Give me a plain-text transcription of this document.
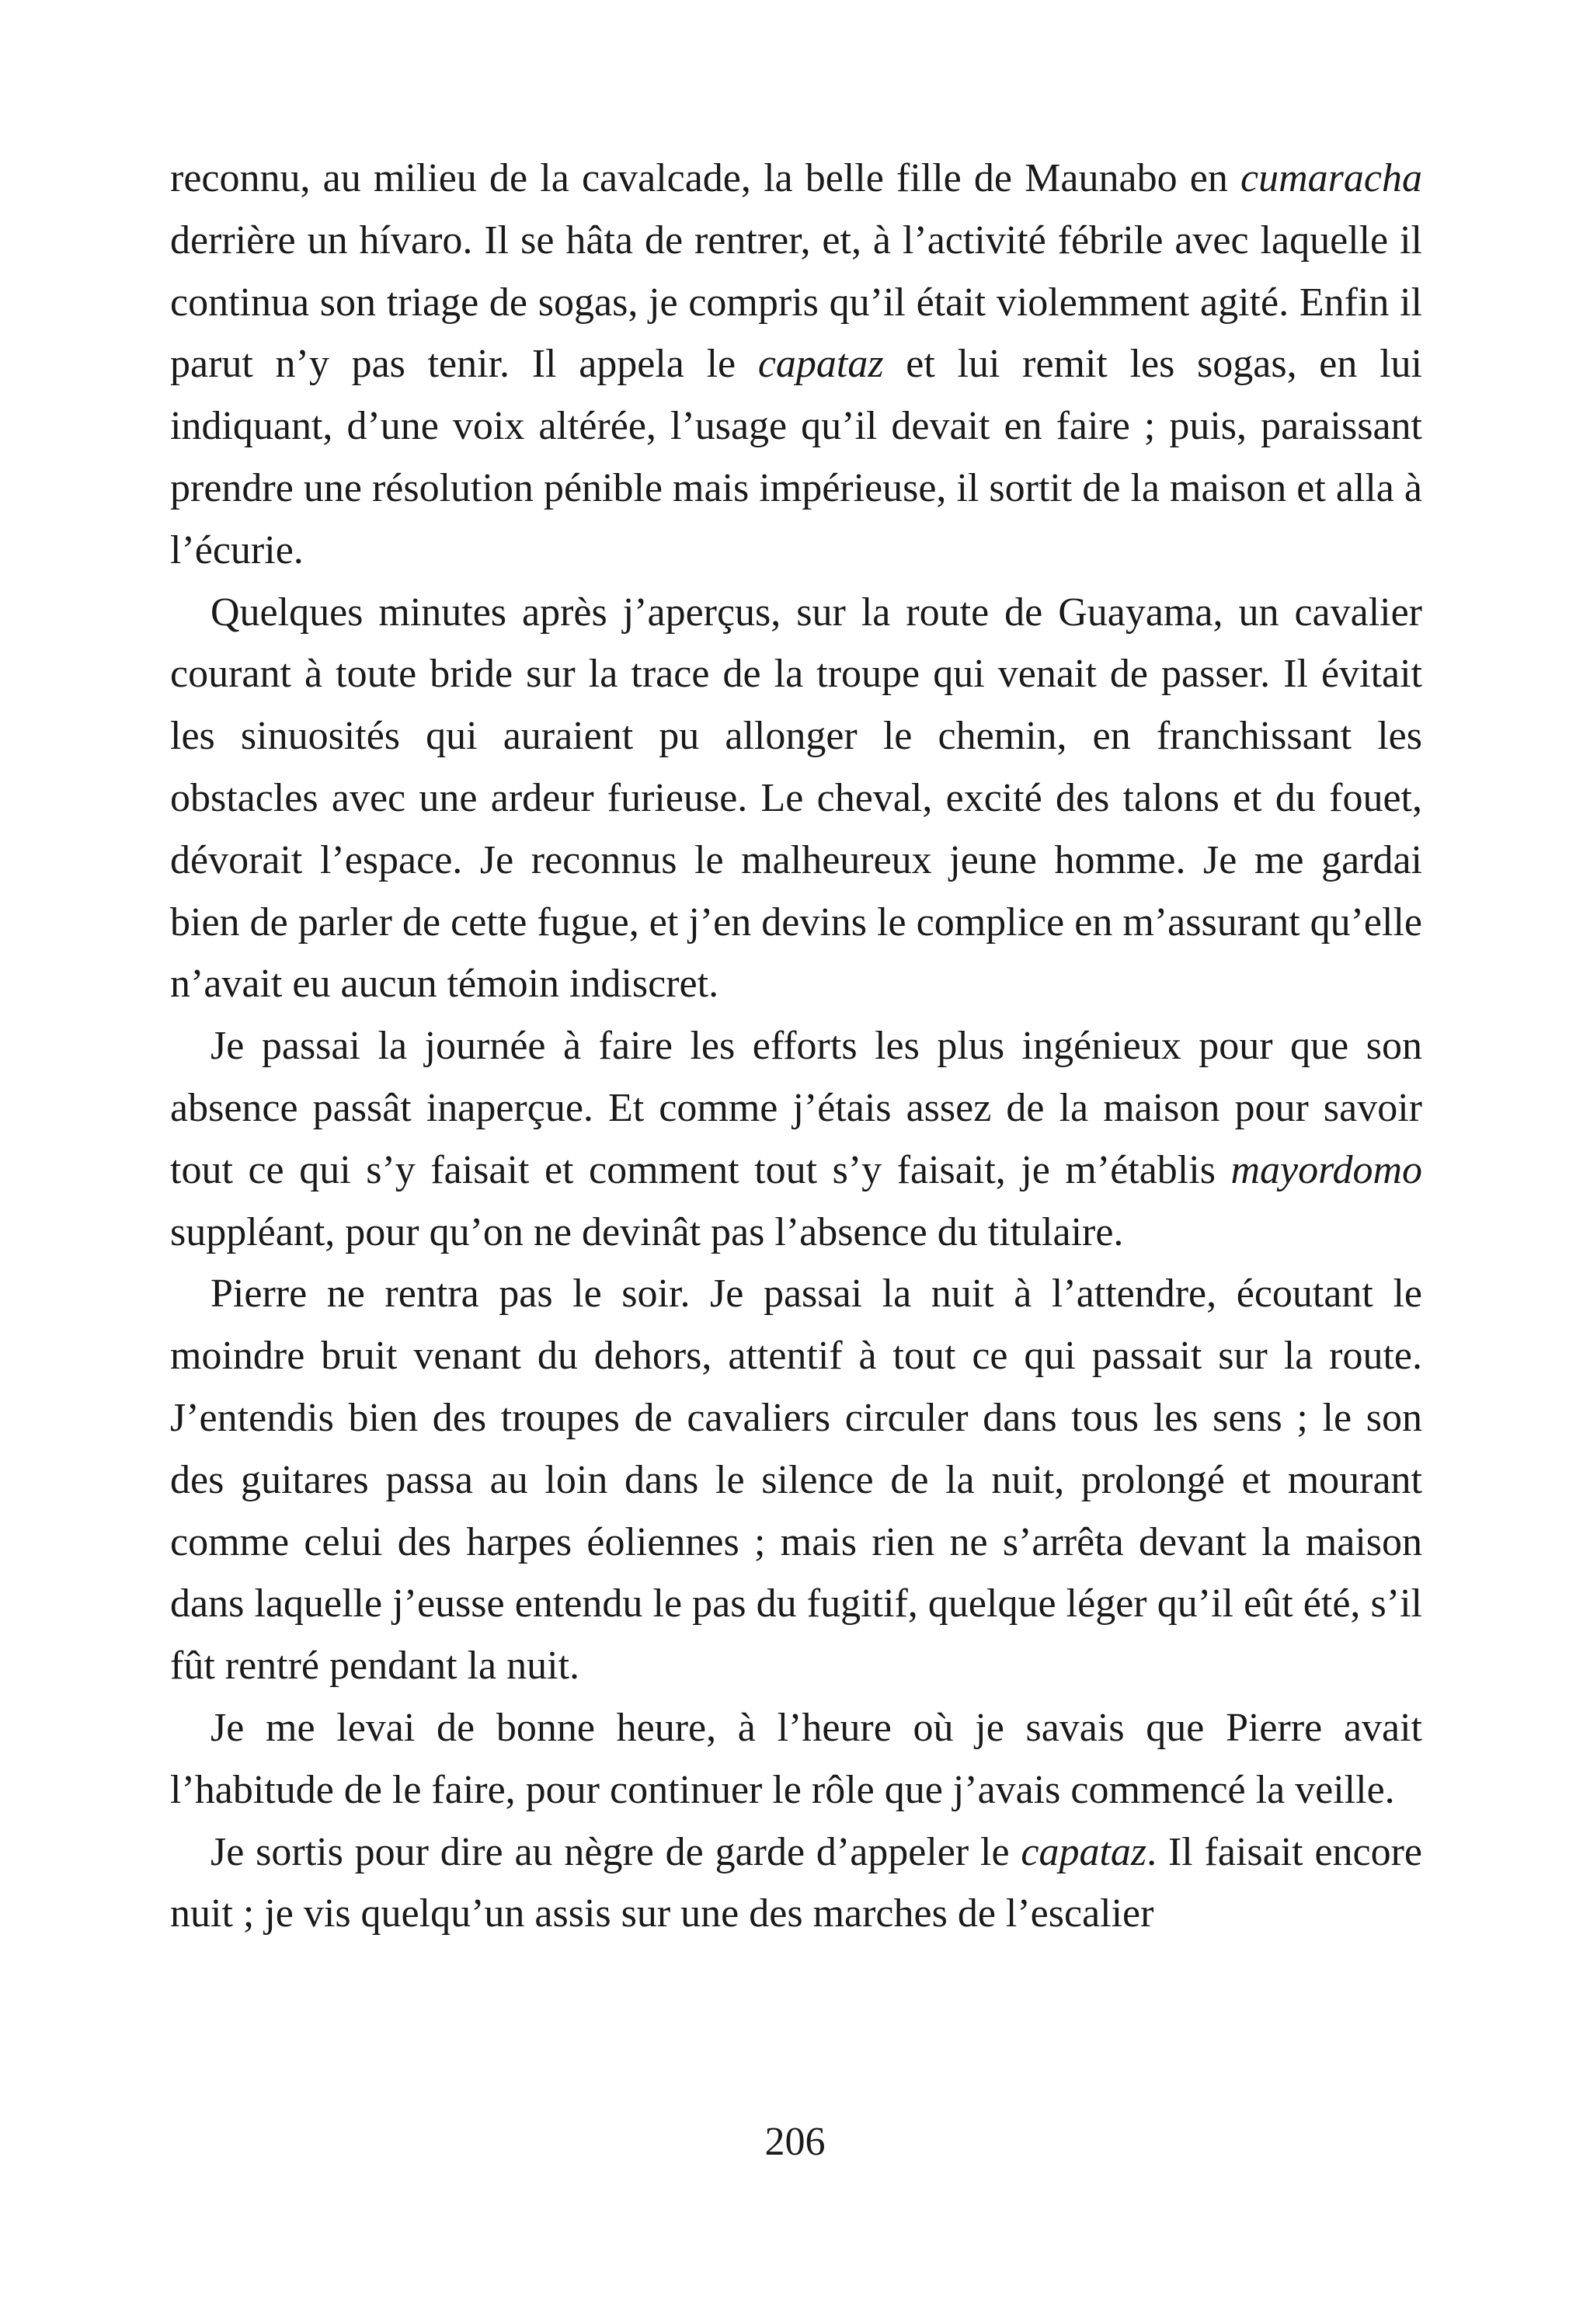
reconnu, au milieu de la cavalcade, la belle fille de Maunabo en cumaracha derrière un hívaro. Il se hâta de rentrer, et, à l’activité fébrile avec laquelle il continua son triage de sogas, je compris qu’il était violemment agité. Enfin il parut n’y pas tenir. Il appela le capataz et lui remit les sogas, en lui indiquant, d’une voix altérée, l’usage qu’il devait en faire ; puis, paraissant prendre une résolution pénible mais impérieuse, il sortit de la maison et alla à l’écurie.

Quelques minutes après j’aperçus, sur la route de Guayama, un cavalier courant à toute bride sur la trace de la troupe qui venait de passer. Il évitait les sinuosités qui auraient pu allonger le chemin, en franchissant les obstacles avec une ardeur furieuse. Le cheval, excité des talons et du fouet, dévorait l’espace. Je reconnus le malheureux jeune homme. Je me gardai bien de parler de cette fugue, et j’en devins le complice en m’assurant qu’elle n’avait eu aucun témoin indiscret.

Je passai la journée à faire les efforts les plus ingénieux pour que son absence passât inaperçue. Et comme j’étais assez de la maison pour savoir tout ce qui s’y faisait et comment tout s’y faisait, je m’établis mayordomo suppléant, pour qu’on ne devinât pas l’absence du titulaire.

Pierre ne rentra pas le soir. Je passai la nuit à l’attendre, écoutant le moindre bruit venant du dehors, attentif à tout ce qui passait sur la route. J’entendis bien des troupes de cavaliers circuler dans tous les sens ; le son des guitares passa au loin dans le silence de la nuit, prolongé et mourant comme celui des harpes éoliennes ; mais rien ne s’arrêta devant la maison dans laquelle j’eusse entendu le pas du fugitif, quelque léger qu’il eût été, s’il fût rentré pendant la nuit.

Je me levai de bonne heure, à l’heure où je savais que Pierre avait l’habitude de le faire, pour continuer le rôle que j’avais commencé la veille.

Je sortis pour dire au nègre de garde d’appeler le capataz. Il faisait encore nuit ; je vis quelqu’un assis sur une des marches de l’escalier

206
